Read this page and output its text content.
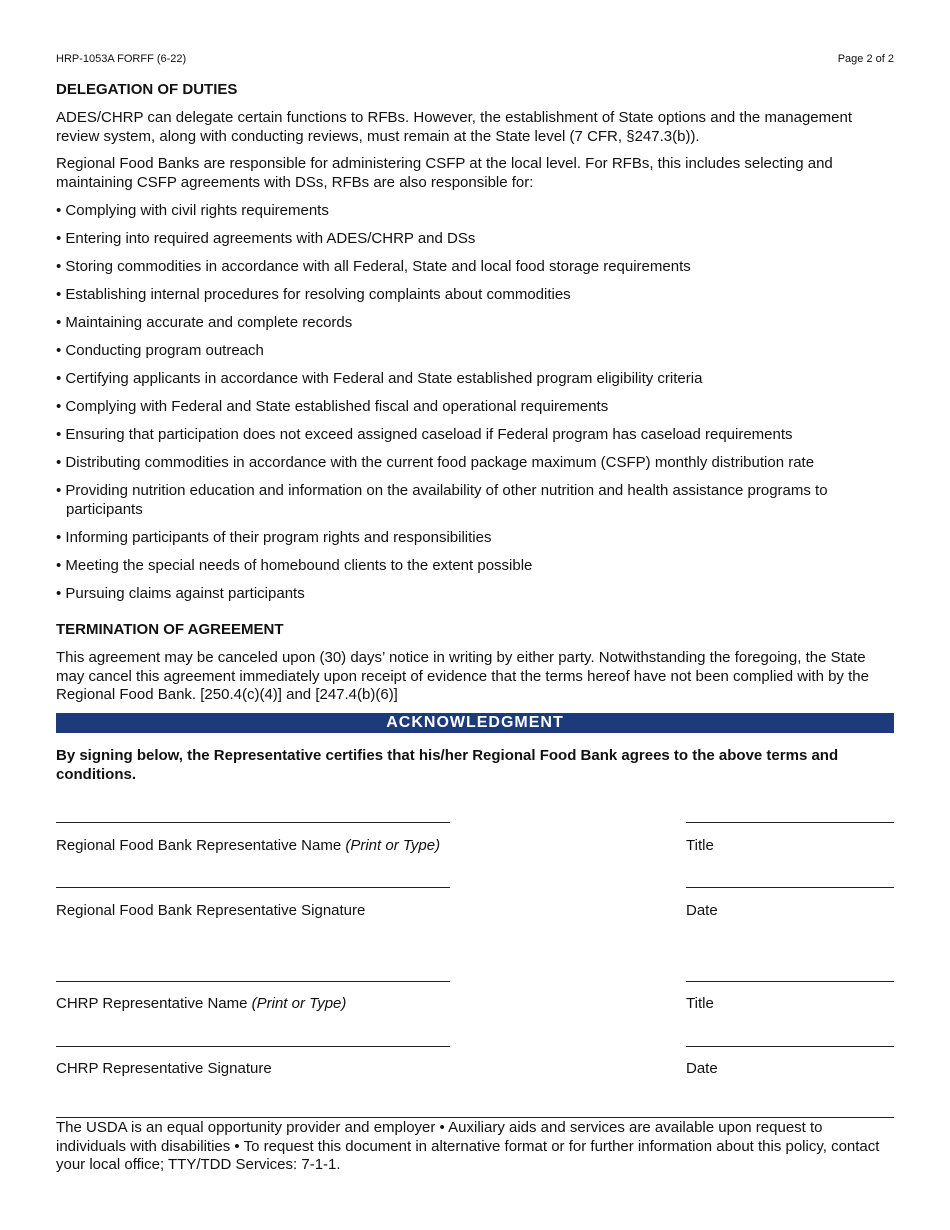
HRP-1053A FORFF (6-22)	Page 2 of 2
DELEGATION OF DUTIES
ADES/CHRP can delegate certain functions to RFBs. However, the establishment of State options and the management review system, along with conducting reviews, must remain at the State level (7 CFR, §247.3(b)).
Regional Food Banks are responsible for administering CSFP at the local level. For RFBs, this includes selecting and maintaining CSFP agreements with DSs, RFBs are also responsible for:
• Complying with civil rights requirements
• Entering into required agreements with ADES/CHRP and DSs
• Storing commodities in accordance with all Federal, State and local food storage requirements
• Establishing internal procedures for resolving complaints about commodities
• Maintaining accurate and complete records
• Conducting program outreach
• Certifying applicants in accordance with Federal and State established program eligibility criteria
• Complying with Federal and State established fiscal and operational requirements
• Ensuring that participation does not exceed assigned caseload if Federal program has caseload requirements
• Distributing commodities in accordance with the current food package maximum (CSFP) monthly distribution rate
• Providing nutrition education and information on the availability of other nutrition and health assistance programs to participants
• Informing participants of their program rights and responsibilities
• Meeting the special needs of homebound clients to the extent possible
• Pursuing claims against participants
TERMINATION OF AGREEMENT
This agreement may be canceled upon (30) days’ notice in writing by either party. Notwithstanding the foregoing, the State may cancel this agreement immediately upon receipt of evidence that the terms hereof have not been complied with by the Regional Food Bank. [250.4(c)(4)] and [247.4(b)(6)]
ACKNOWLEDGMENT
By signing below, the Representative certifies that his/her Regional Food Bank agrees to the above terms and conditions.
Regional Food Bank Representative Name (Print or Type)	Title
Regional Food Bank Representative Signature	Date
CHRP Representative Name (Print or Type)	Title
CHRP Representative Signature	Date
The USDA is an equal opportunity provider and employer • Auxiliary aids and services are available upon request to individuals with disabilities • To request this document in alternative format or for further information about this policy, contact your local office; TTY/TDD Services: 7-1-1.
